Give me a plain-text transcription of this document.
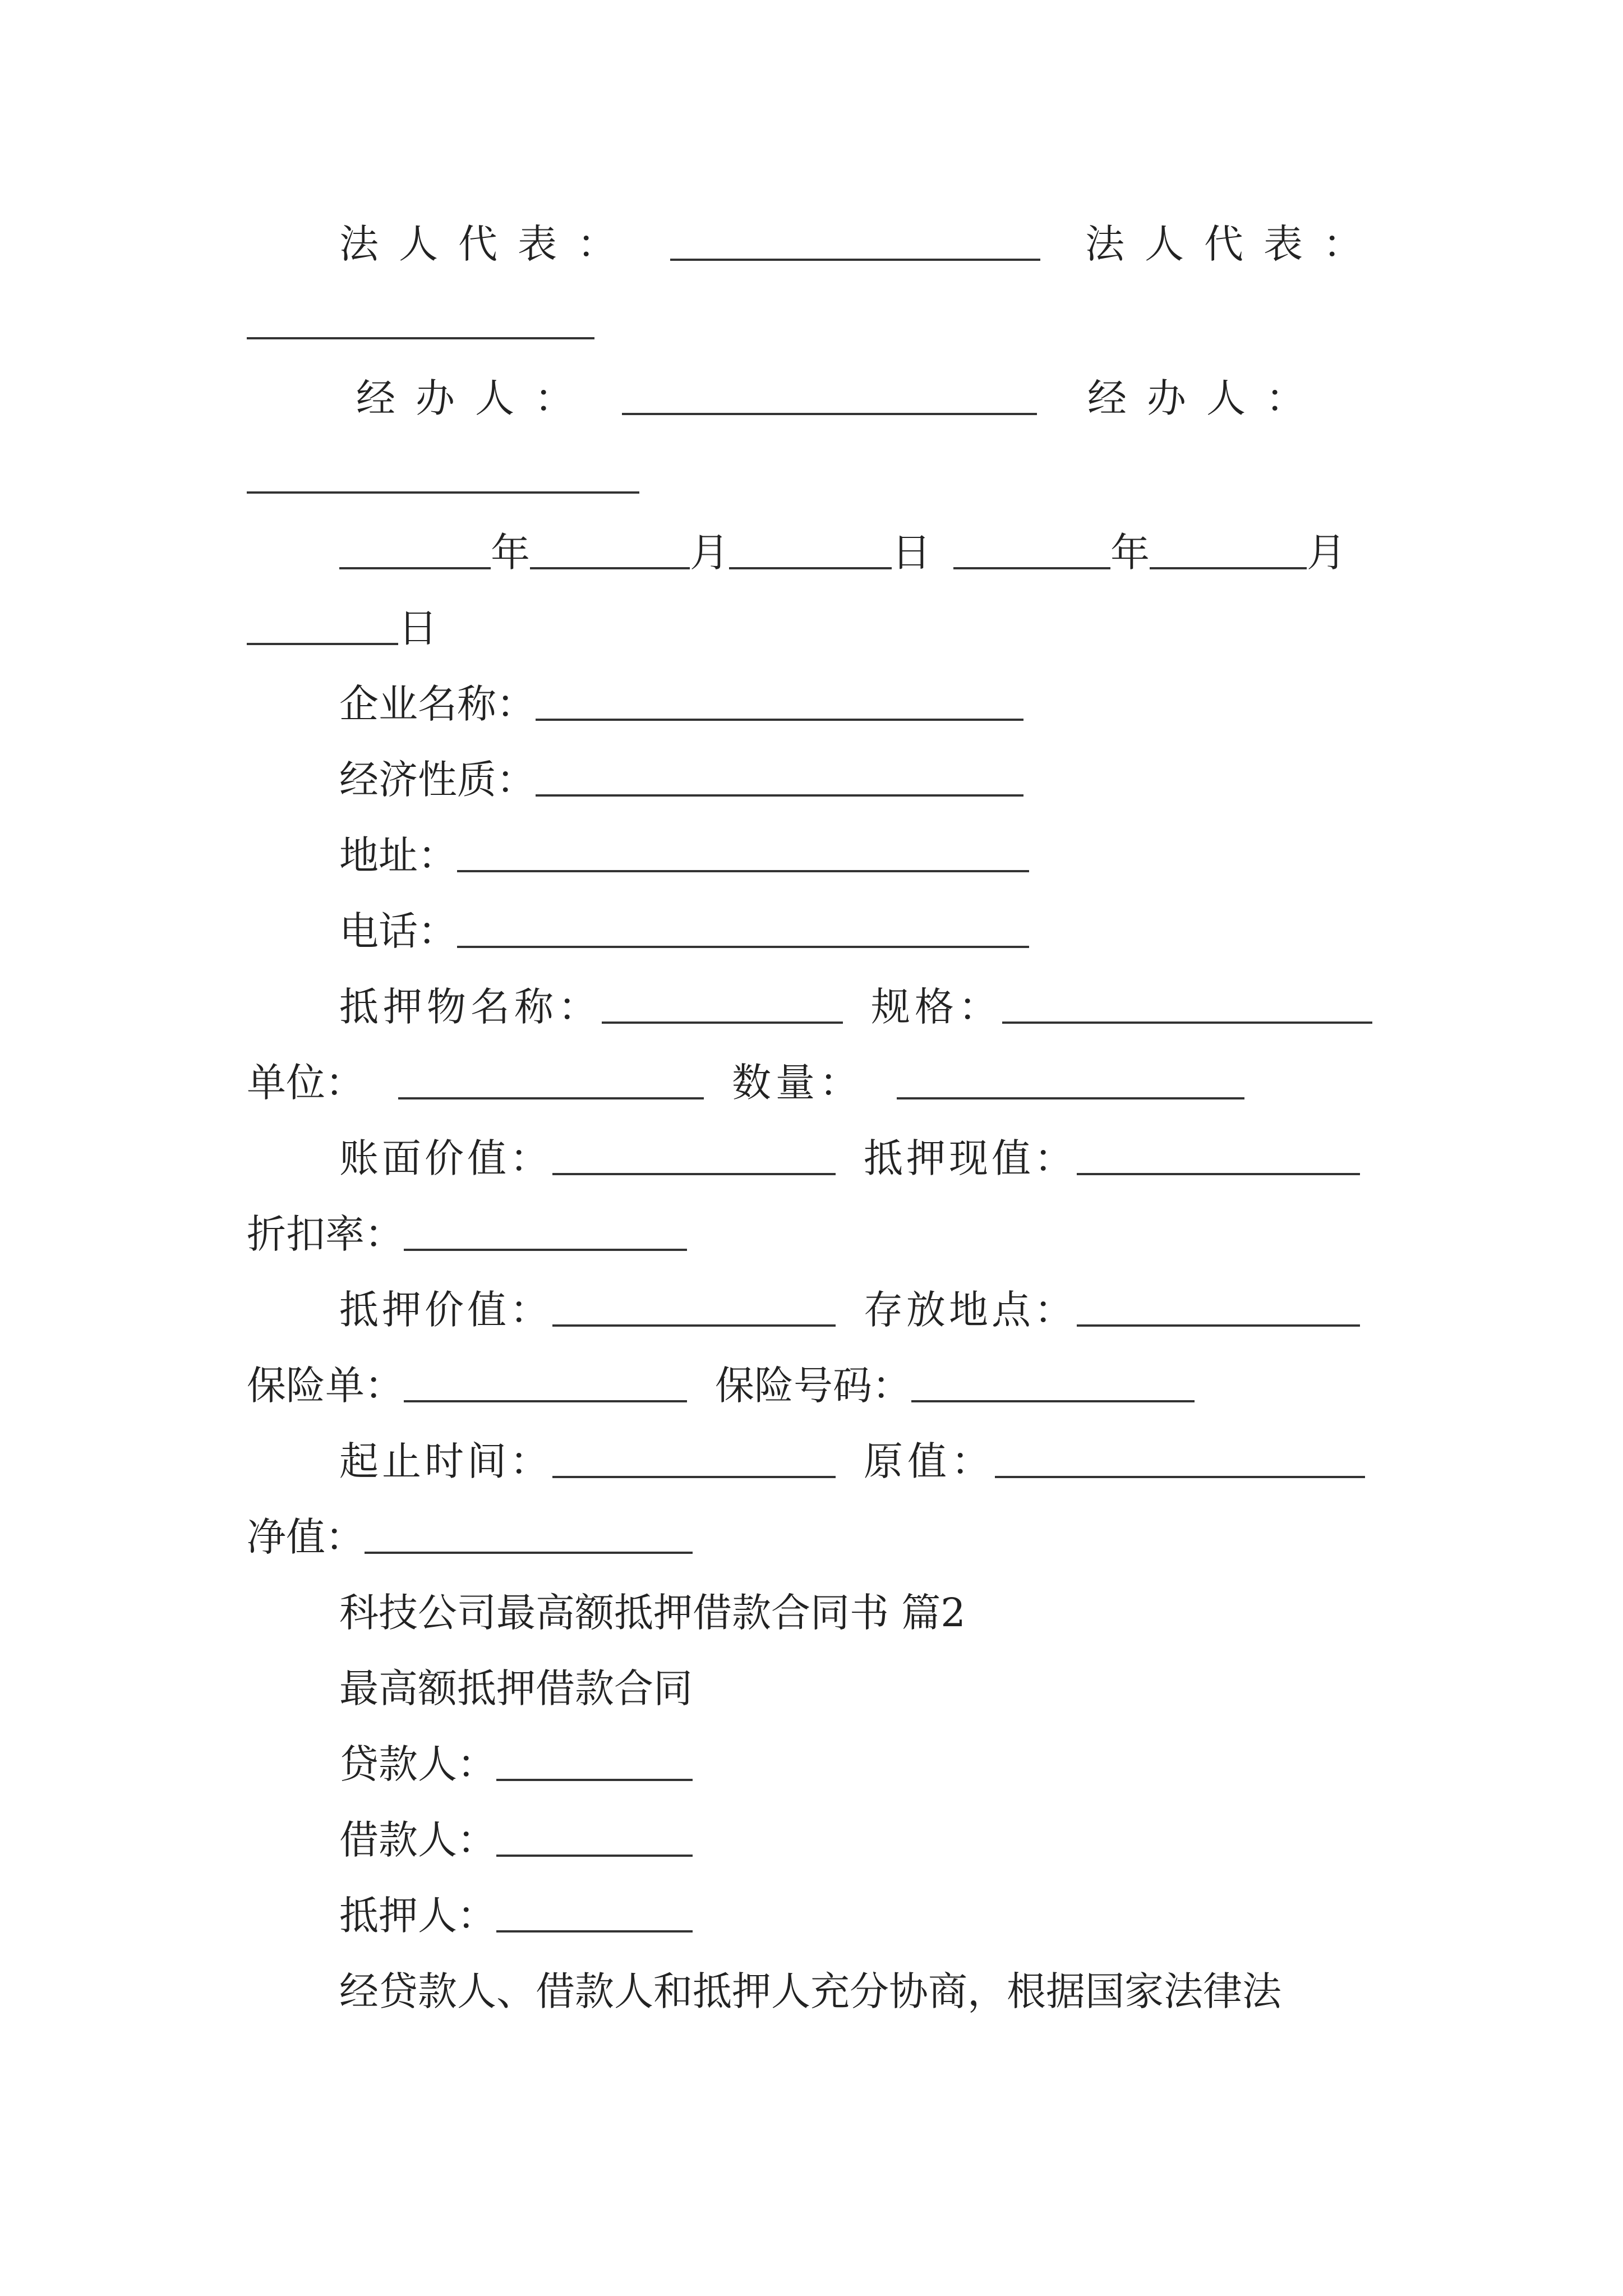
法人代表：	法人代表：
经办人：	经办人：
年	月	日	年	月
日
企业名称：
经济性质：
地址：
电话：
抵押物名称：	规格：
单位：	数量：
账面价值：	抵押现值：
折扣率：
抵押价值：	存放地点：
保险单：	保险号码：
起止时间：	原值：
净值：
科技公司最高额抵押借款合同书 篇2
最高额抵押借款合同
贷款人：
借款人：
抵押人：
经贷款人、借款人和抵押人充分协商，根据国家法律法
